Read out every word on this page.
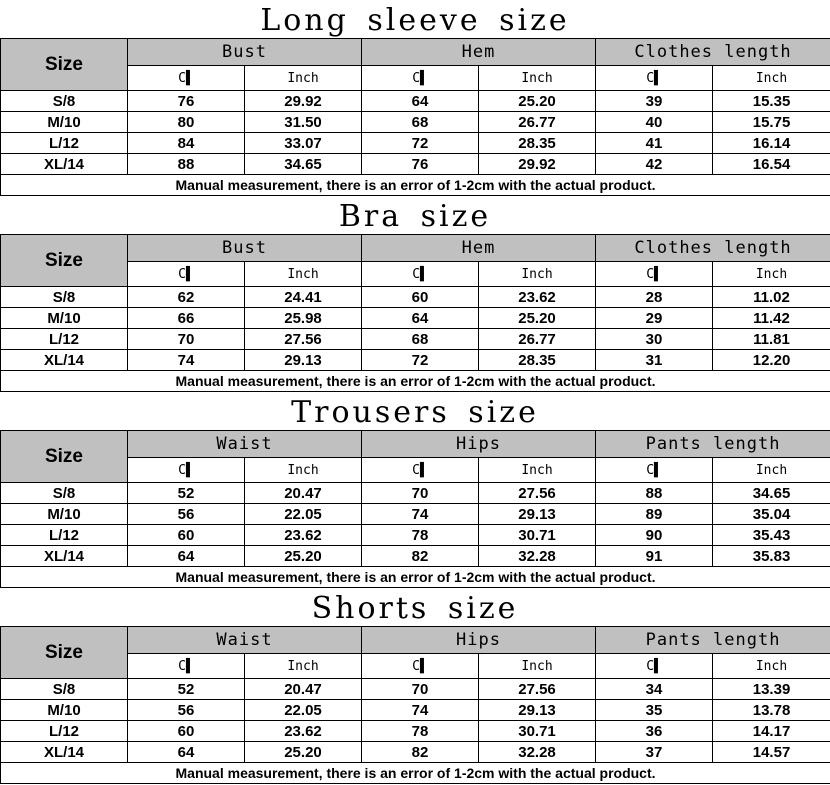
Long sleeve size
Size	Bust		Hem		Clothes length	
	C▌	Inch	C▌	Inch	C▌	Inch
S/8	76	29.92	64	25.20	39	15.35
M/10	80	31.50	68	26.77	40	15.75
L/12	84	33.07	72	28.35	41	16.14
XL/14	88	34.65	76	29.92	42	16.54
Manual measurement, there is an error of 1-2cm with the actual product.						
Bra size
Size	Bust		Hem		Clothes length	
	C▌	Inch	C▌	Inch	C▌	Inch
S/8	62	24.41	60	23.62	28	11.02
M/10	66	25.98	64	25.20	29	11.42
L/12	70	27.56	68	26.77	30	11.81
XL/14	74	29.13	72	28.35	31	12.20
Manual measurement, there is an error of 1-2cm with the actual product.						
Trousers size
Size	Waist		Hips		Pants length	
	C▌	Inch	C▌	Inch	C▌	Inch
S/8	52	20.47	70	27.56	88	34.65
M/10	56	22.05	74	29.13	89	35.04
L/12	60	23.62	78	30.71	90	35.43
XL/14	64	25.20	82	32.28	91	35.83
Manual measurement, there is an error of 1-2cm with the actual product.						
Shorts size
Size	Waist		Hips		Pants length	
	C▌	Inch	C▌	Inch	C▌	Inch
S/8	52	20.47	70	27.56	34	13.39
M/10	56	22.05	74	29.13	35	13.78
L/12	60	23.62	78	30.71	36	14.17
XL/14	64	25.20	82	32.28	37	14.57
Manual measurement, there is an error of 1-2cm with the actual product.						
